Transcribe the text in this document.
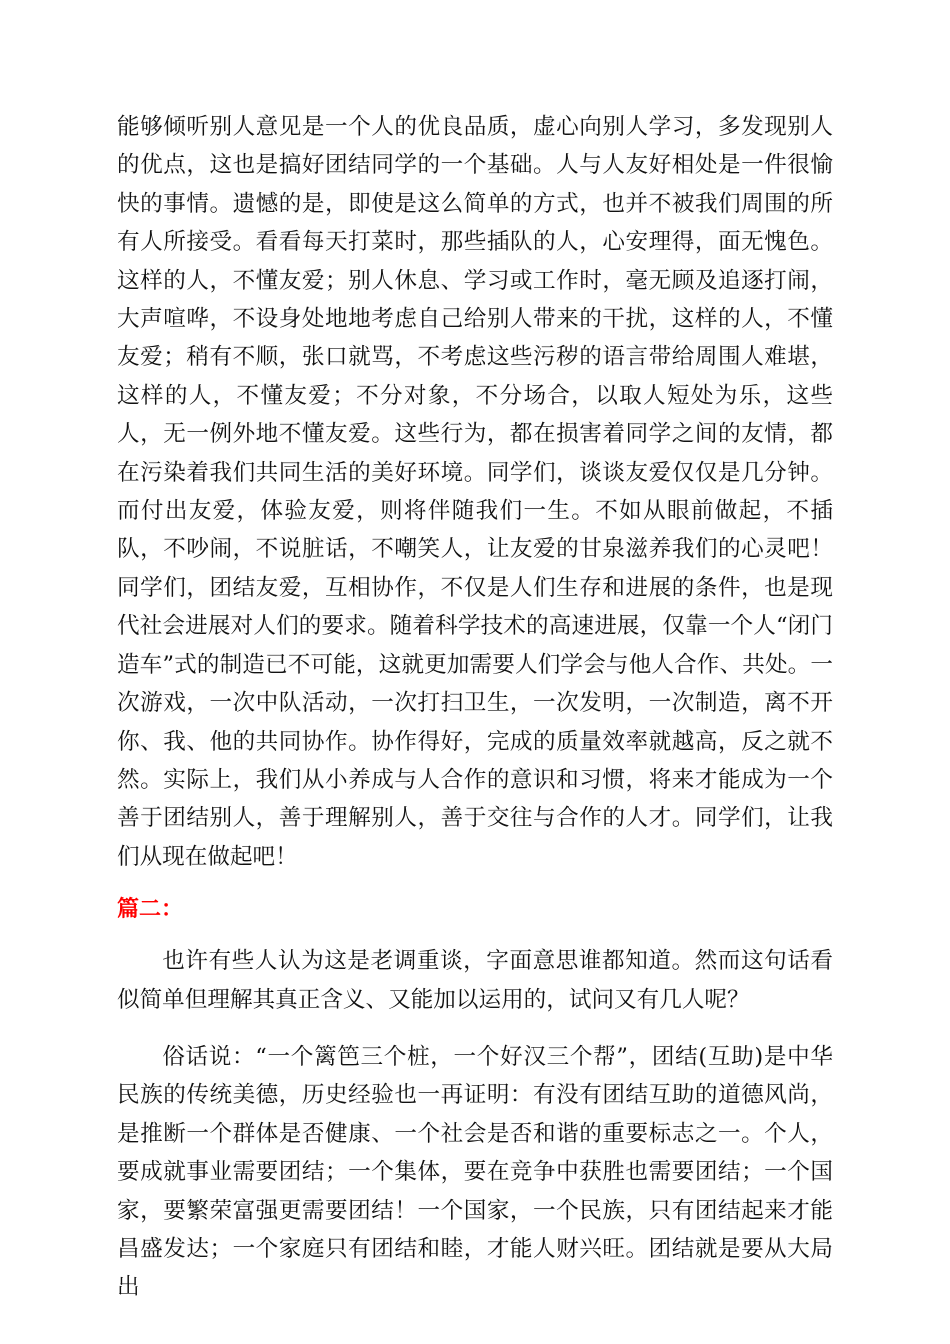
能够倾听别人意见是一个人的优良品质，虚心向别人学习，多发现别人的优点，这也是搞好团结同学的一个基础。人与人友好相处是一件很愉快的事情。遗憾的是，即使是这么简单的方式，也并不被我们周围的所有人所接受。看看每天打菜时，那些插队的人，心安理得，面无愧色。这样的人，不懂友爱；别人休息、学习或工作时，毫无顾及追逐打闹，大声喧哗，不设身处地地考虑自己给别人带来的干扰，这样的人，不懂友爱；稍有不顺，张口就骂，不考虑这些污秽的语言带给周围人难堪，这样的人，不懂友爱；不分对象，不分场合，以取人短处为乐，这些人，无一例外地不懂友爱。这些行为，都在损害着同学之间的友情，都在污染着我们共同生活的美好环境。同学们，谈谈友爱仅仅是几分钟。而付出友爱，体验友爱，则将伴随我们一生。不如从眼前做起，不插队，不吵闹，不说脏话，不嘲笑人，让友爱的甘泉滋养我们的心灵吧！同学们，团结友爱，互相协作，不仅是人们生存和进展的条件，也是现代社会进展对人们的要求。随着科学技术的高速进展，仅靠一个人“闭门造车”式的制造已不可能，这就更加需要人们学会与他人合作、共处。一次游戏，一次中队活动，一次打扫卫生，一次发明，一次制造，离不开你、我、他的共同协作。协作得好，完成的质量效率就越高，反之就不然。实际上，我们从小养成与人合作的意识和习惯，将来才能成为一个善于团结别人，善于理解别人，善于交往与合作的人才。同学们，让我们从现在做起吧！

篇二：

也许有些人认为这是老调重谈，字面意思谁都知道。然而这句话看似简单但理解其真正含义、又能加以运用的，试问又有几人呢？

俗话说：“一个篱笆三个桩，一个好汉三个帮”，团结(互助)是中华民族的传统美德，历史经验也一再证明：有没有团结互助的道德风尚，是推断一个群体是否健康、一个社会是否和谐的重要标志之一。个人，要成就事业需要团结；一个集体，要在竞争中获胜也需要团结；一个国家，要繁荣富强更需要团结！一个国家，一个民族，只有团结起来才能昌盛发达；一个家庭只有团结和睦，才能人财兴旺。团结就是要从大局出
